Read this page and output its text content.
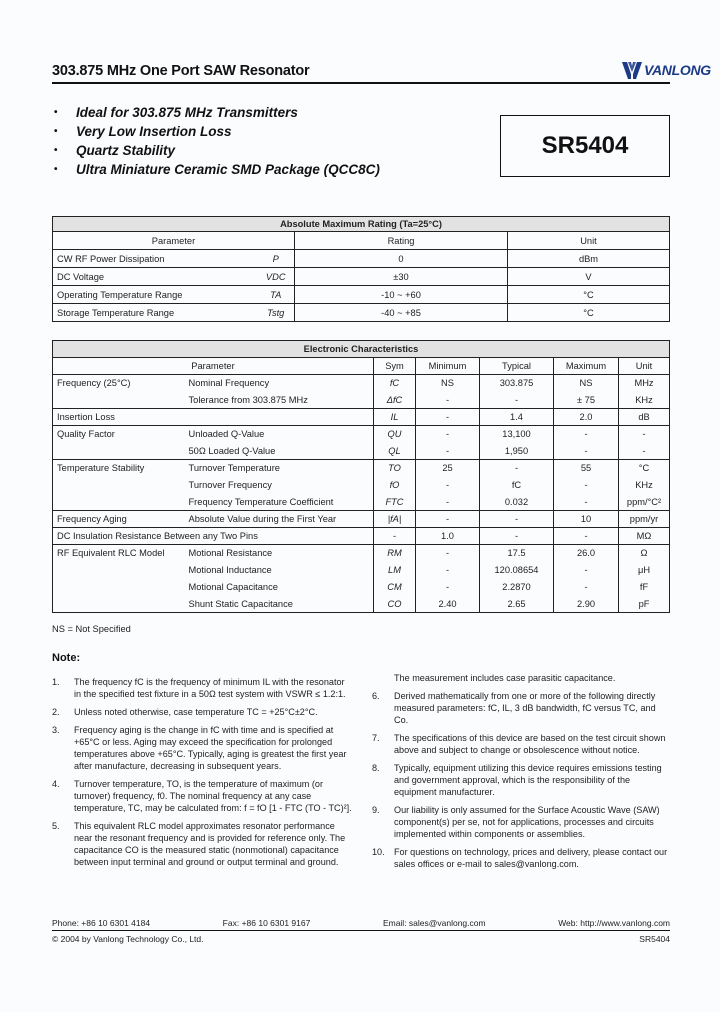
303.875 MHz One Port SAW Resonator	VANLONG
•	Ideal for 303.875 MHz Transmitters
•	Very Low Insertion Loss
•	Quartz Stability
•	Ultra Miniature Ceramic SMD Package (QCC8C)
SR5404
Absolute Maximum Rating (Ta=25°C)			
Parameter		Rating	Unit
CW RF Power Dissipation	P	0	dBm
DC Voltage	VDC	±30	V
Operating Temperature Range	TA	-10 ~ +60	°C
Storage Temperature Range	Tstg	-40 ~ +85	°C
Electronic Characteristics						
Parameter		Sym	Minimum	Typical	Maximum	Unit
Frequency (25°C)	Nominal Frequency	fC	NS	303.875	NS	MHz
	Tolerance from 303.875 MHz	ΔfC	-	-	± 75	KHz
Insertion Loss		IL	-	1.4	2.0	dB
Quality Factor	Unloaded Q-Value	QU	-	13,100	-	-
	50Ω Loaded Q-Value	QL	-	1,950	-	-
Temperature Stability	Turnover Temperature	TO	25	-	55	°C
	Turnover Frequency	fO	-	fC	-	KHz
	Frequency Temperature Coefficient	FTC	-	0.032	-	ppm/°C²
Frequency Aging	Absolute Value during the First Year	|fA|	-	-	10	ppm/yr
DC Insulation Resistance Between any Two Pins		-	1.0	-	-	MΩ
RF Equivalent RLC Model	Motional Resistance	RM	-	17.5	26.0	Ω
	Motional Inductance	LM	-	120.08654	-	μH
	Motional Capacitance	CM	-	2.2870	-	fF
	Shunt Static Capacitance	CO	2.40	2.65	2.90	pF
NS = Not Specified
Note:
1.	The frequency fC is the frequency of minimum IL with the resonator in the specified test fixture in a 50Ω test system with VSWR ≤ 1.2:1.
2.	Unless noted otherwise, case temperature TC = +25°C±2°C.
3.	Frequency aging is the change in fC with time and is specified at +65°C or less. Aging may exceed the specification for prolonged temperatures above +65°C. Typically, aging is greatest the first year after manufacture, decreasing in subsequent years.
4.	Turnover temperature, TO, is the temperature of maximum (or turnover) frequency, f0. The nominal frequency at any case temperature, TC, may be calculated from: f = fO [1 - FTC (TO - TC)²].
5.	This equivalent RLC model approximates resonator performance near the resonant frequency and is provided for reference only. The capacitance CO is the measured static (nonmotional) capacitance between input terminal and ground or output terminal and ground.
The measurement includes case parasitic capacitance.
6.	Derived mathematically from one or more of the following directly measured parameters: fC, IL, 3 dB bandwidth, fC versus TC, and Co.
7.	The specifications of this device are based on the test circuit shown above and subject to change or obsolescence without notice.
8.	Typically, equipment utilizing this device requires emissions testing and government approval, which is the responsibility of the equipment manufacturer.
9.	Our liability is only assumed for the Surface Acoustic Wave (SAW) component(s) per se, not for applications, processes and circuits implemented within components or assemblies.
10.	For questions on technology, prices and delivery, please contact our sales offices or e-mail to sales@vanlong.com.
Phone: +86 10 6301 4184	Fax: +86 10 6301 9167	Email: sales@vanlong.com	Web: http://www.vanlong.com
© 2004 by Vanlong Technology Co., Ltd.	SR5404
